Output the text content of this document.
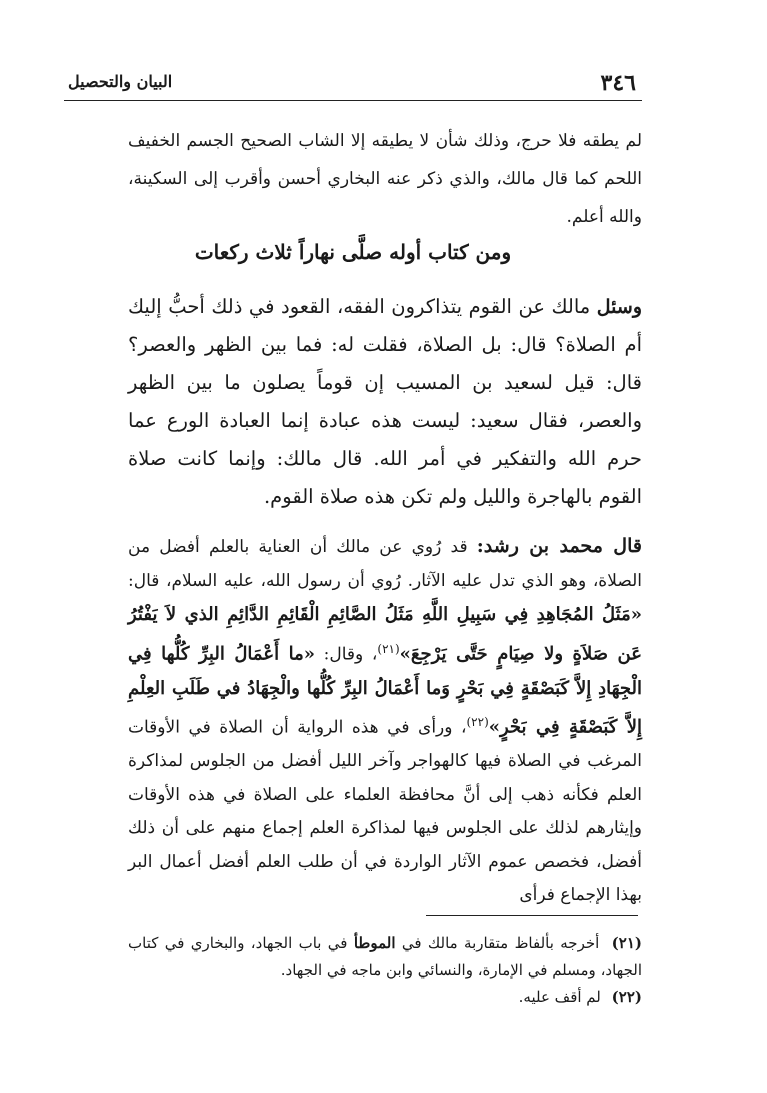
٣٤٦
البيان والتحصيل

لم يطقه فلا حرج، وذلك شأن لا يطيقه إلا الشاب الصحيح الجسم الخفيف اللحم كما قال مالك، والذي ذكر عنه البخاري أحسن وأقرب إلى السكينة، والله أعلم.

ومن كتاب أوله صلَّى نهاراً ثلاث ركعات

وسئل مالك عن القوم يتذاكرون الفقه، القعود في ذلك أحبُّ إليك أم الصلاة؟ قال: بل الصلاة، فقلت له: فما بين الظهر والعصر؟ قال: قيل لسعيد بن المسيب إن قوماً يصلون ما بين الظهر والعصر، فقال سعيد: ليست هذه عبادة إنما العبادة الورع عما حرم الله والتفكير في أمر الله. قال مالك: وإنما كانت صلاة القوم بالهاجرة والليل ولم تكن هذه صلاة القوم.

قال محمد بن رشد: قد رُوي عن مالك أن العناية بالعلم أفضل من الصلاة، وهو الذي تدل عليه الآثار. رُوي أن رسول الله، عليه السلام، قال: «مَثَلُ المُجَاهِدِ فِي سَبِيلِ اللَّهِ مَثَلُ الصَّائِمِ الْقَائِمِ الدَّائِمِ الذي لاَ يَفْتُرُ عَن صَلاَةٍ ولا صِيَامٍ حَتَّى يَرْجِعَ»$^{(٢١)}$، وقال: «ما أَعْمَالُ البِرِّ كُلُّها فِي الْجِهَادِ إِلاَّ كَبَصْقَةٍ فِي بَحْرٍ وَما أَعْمَالُ البِرِّ كُلُّها والْجِهَادُ في طَلَبِ العِلْمِ إِلاَّ كَبَصْقَةٍ فِي بَحْرٍ»$^{(٢٢)}$، ورأى في هذه الرواية أن الصلاة في الأوقات المرغب في الصلاة فيها كالهواجر وآخر الليل أفضل من الجلوس لمذاكرة العلم فكأنه ذهب إلى أنَّ محافظة العلماء على الصلاة في هذه الأوقات وإيثارهم لذلك على الجلوس فيها لمذاكرة العلم إجماع منهم على أن ذلك أفضل، فخصص عموم الآثار الواردة في أن طلب العلم أفضل أعمال البر بهذا الإجماع فرأى

(٢١) أخرجه بألفاظ متقاربة مالك في الموطأ في باب الجهاد، والبخاري في كتاب الجهاد، ومسلم في الإمارة، والنسائي وابن ماجه في الجهاد.

(٢٢) لم أقف عليه.
